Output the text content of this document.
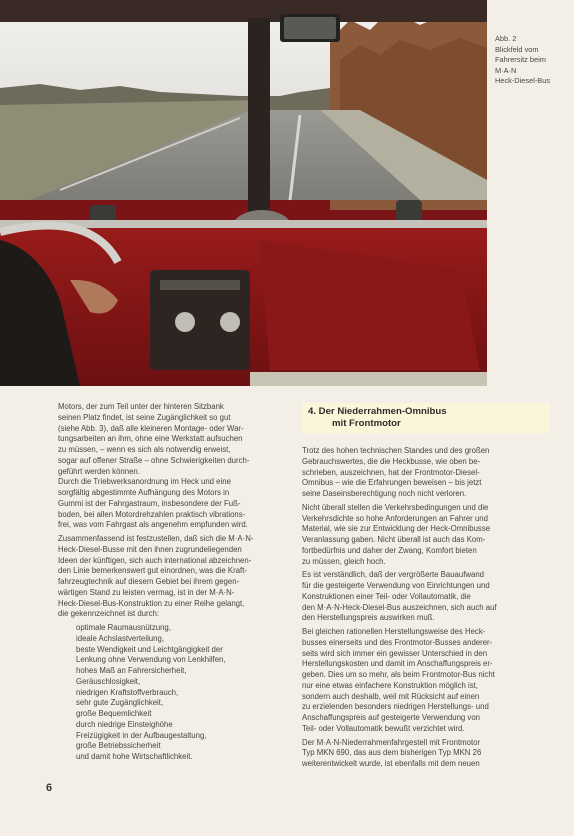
Abb. 2
Blickfeld vom
Fahrersitz beim
M·A·N
Heck-Diesel-Bus

Motors, der zum Teil unter der hinteren Sitzbank
seinen Platz findet, ist seine Zugänglichkeit so gut
(siehe Abb. 3), daß alle kleineren Montage- oder War-
tungsarbeiten an ihm, ohne eine Werkstatt aufsuchen
zu müssen, – wenn es sich als notwendig erweist,
sogar auf offener Straße – ohne Schwierigkeiten durch-
geführt werden können.
Durch die Triebwerksanordnung im Heck und eine
sorgfältig abgestimmte Aufhängung des Motors in
Gummi ist der Fahrgastraum, insbesondere der Fuß-
boden, bei allen Motordrehzahlen praktisch vibrations-
frei, was vom Fahrgast als angenehm empfunden wird.

Zusammenfassend ist festzustellen, daß sich die M·A·N-
Heck-Diesel-Busse mit den ihnen zugrundeliegenden
Ideen der künftigen, sich auch international abzeichnen-
den Linie bemerkenswert gut einordnen, was die Kraft-
fahrzeugtechnik auf diesem Gebiet bei ihrem gegen-
wärtigen Stand zu leisten vermag, ist in der M·A·N-
Heck-Diesel-Bus-Konstruktion zu einer Reihe gelangt,
die gekennzeichnet ist durch:

optimale Raumausnützung,
ideale Achslastverteilung,
beste Wendigkeit und Leichtgängigkeit der
Lenkung ohne Verwendung von Lenkhilfen,
hohes Maß an Fahrersicherheit,
Geräuschlosigkeit,
niedrigen Kraftstoffverbrauch,
sehr gute Zugänglichkeit,
große Bequemlichkeit
durch niedrige Einsteighöhe
Freizügigkeit in der Aufbaugestaltung,
große Betriebssicherheit
und damit hohe Wirtschaftlichkeit.
4. Der Niederrahmen-Omnibus
mit Frontmotor

Trotz des hohen technischen Standes und des großen
Gebrauchswertes, die die Heckbusse, wie oben be-
schrieben, auszeichnen, hat der Frontmotor-Diesel-
Omnibus – wie die Erfahrungen beweisen – bis jetzt
seine Daseinsberechtigung noch nicht verloren.

Nicht überall stellen die Verkehrsbedingungen und die
Verkehrsdichte so hohe Anforderungen an Fahrer und
Material, wie sie zur Entwicklung der Heck-Omnibusse
Veranlassung gaben. Nicht überall ist auch das Kom-
fortbedürfnis und daher der Zwang, Komfort bieten
zu müssen, gleich hoch.

Es ist verständlich, daß der vergrößerte Bauaufwand
für die gesteigerte Verwendung von Einrichtungen und
Konstruktionen einer Teil- oder Vollautomatik, die
den M·A·N-Heck-Diesel-Bus auszeichnen, sich auch auf
den Herstellungspreis auswirken muß.

Bei gleichen rationellen Herstellungsweise des Heck-
busses einerseits und des Frontmotor-Busses anderer-
seits wird sich immer ein gewisser Unterschied in den
Herstellungskosten und damit im Anschaffungspreis er-
geben. Dies um so mehr, als beim Frontmotor-Bus nicht
nur eine etwas einfachere Konstruktion möglich ist,
sondern auch deshalb, weil mit Rücksicht auf einen
zu erzielenden besonders niedrigen Herstellungs- und
Anschaffungspreis auf gesteigerte Verwendung von
Teil- oder Vollautomatik bewußt verzichtet wird.

Der M·A·N-Niederrahmenfahrgestell mit Frontmotor
Typ MKN 690, das aus dem bisherigen Typ MKN 26
weiterentwickelt wurde, ist ebenfalls mit dem neuen

6
